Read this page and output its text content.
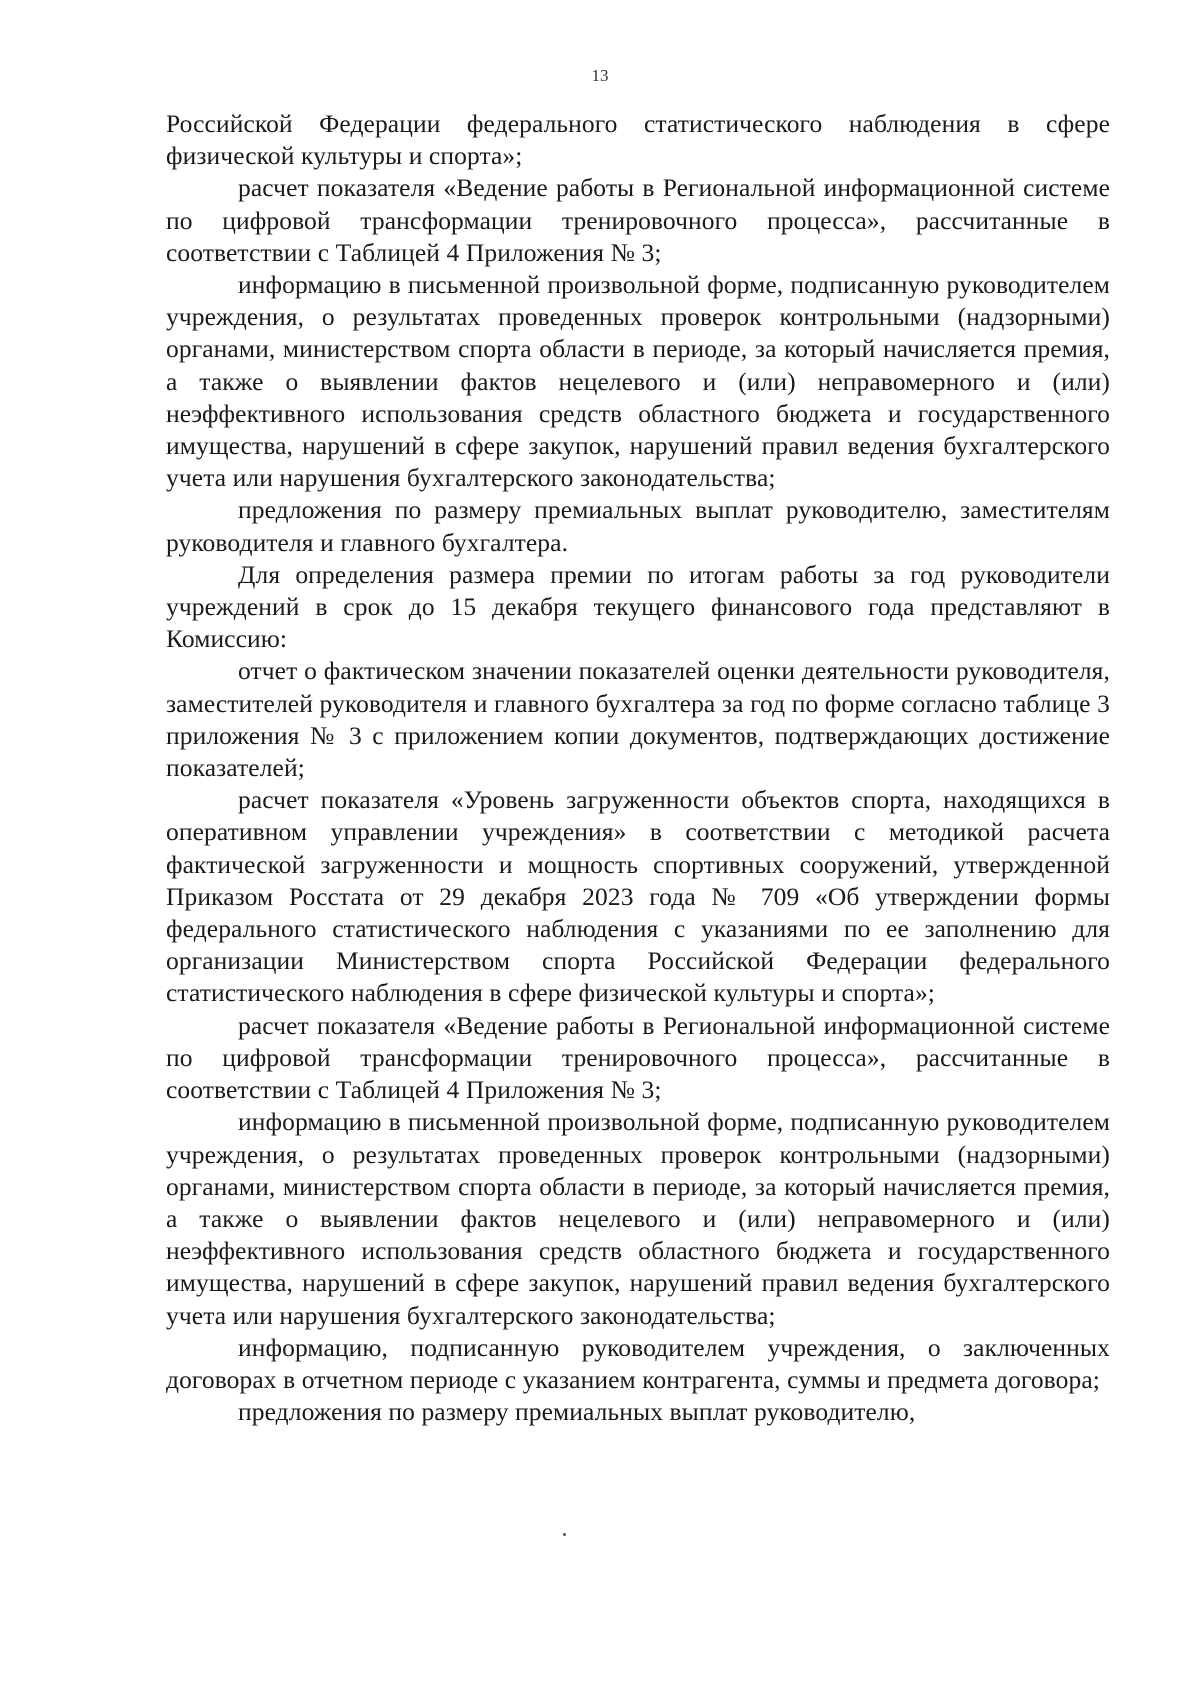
13

Российской Федерации федерального статистического наблюдения в сфере физической культуры и спорта»;

расчет показателя «Ведение работы в Региональной информационной системе по цифровой трансформации тренировочного процесса», рассчитанные в соответствии с Таблицей 4 Приложения № 3;

информацию в письменной произвольной форме, подписанную руководителем учреждения, о результатах проведенных проверок контрольными (надзорными) органами, министерством спорта области в периоде, за который начисляется премия, а также о выявлении фактов нецелевого и (или) неправомерного и (или) неэффективного использования средств областного бюджета и государственного имущества, нарушений в сфере закупок, нарушений правил ведения бухгалтерского учета или нарушения бухгалтерского законодательства;

предложения по размеру премиальных выплат руководителю, заместителям руководителя и главного бухгалтера.

Для определения размера премии по итогам работы за год руководители учреждений в срок до 15 декабря текущего финансового года представляют в Комиссию:

отчет о фактическом значении показателей оценки деятельности руководителя, заместителей руководителя и главного бухгалтера за год по форме согласно таблице 3 приложения № 3 с приложением копии документов, подтверждающих достижение показателей;

расчет показателя «Уровень загруженности объектов спорта, находящихся в оперативном управлении учреждения» в соответствии с методикой расчета фактической загруженности и мощность спортивных сооружений, утвержденной Приказом Росстата от 29 декабря 2023 года № 709 «Об утверждении формы федерального статистического наблюдения с указаниями по ее заполнению для организации Министерством спорта Российской Федерации федерального статистического наблюдения в сфере физической культуры и спорта»;

расчет показателя «Ведение работы в Региональной информационной системе по цифровой трансформации тренировочного процесса», рассчитанные в соответствии с Таблицей 4 Приложения № 3;

информацию в письменной произвольной форме, подписанную руководителем учреждения, о результатах проведенных проверок контрольными (надзорными) органами, министерством спорта области в периоде, за который начисляется премия, а также о выявлении фактов нецелевого и (или) неправомерного и (или) неэффективного использования средств областного бюджета и государственного имущества, нарушений в сфере закупок, нарушений правил ведения бухгалтерского учета или нарушения бухгалтерского законодательства;

информацию, подписанную руководителем учреждения, о заключенных договорах в отчетном периоде с указанием контрагента, суммы и предмета договора;

предложения по размеру премиальных выплат руководителю,
